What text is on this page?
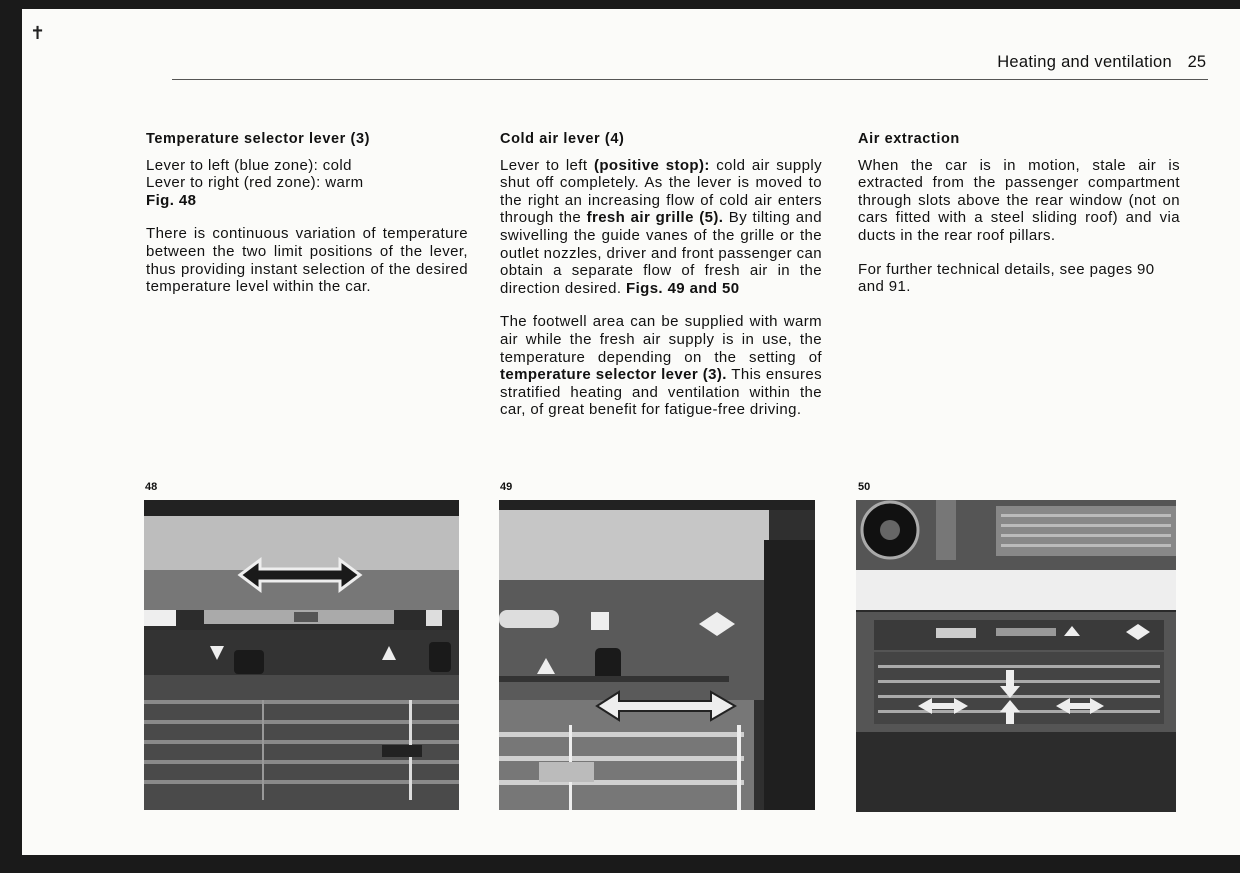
✝
Heating and ventilation 25
Temperature selector lever (3)

Lever to left (blue zone): cold
Lever to right (red zone): warm
Fig. 48

There is continuous variation of temperature between the two limit positions of the lever, thus providing instant selection of the desired temperature level within the car.

Cold air lever (4)

Lever to left (positive stop): cold air supply shut off completely. As the lever is moved to the right an increasing flow of cold air enters through the fresh air grille (5). By tilting and swivelling the guide vanes of the grille or the outlet nozzles, driver and front passenger can obtain a separate flow of fresh air in the direction desired. Figs. 49 and 50

The footwell area can be supplied with warm air while the fresh air supply is in use, the temperature depending on the setting of temperature selector lever (3). This ensures stratified heating and ventilation within the car, of great benefit for fatigue-free driving.

Air extraction

When the car is in motion, stale air is extracted from the passenger compartment through slots above the rear window (not on cars fitted with a steel sliding roof) and via ducts in the rear roof pillars.

For further technical details, see pages 90 and 91.

48	49	50
